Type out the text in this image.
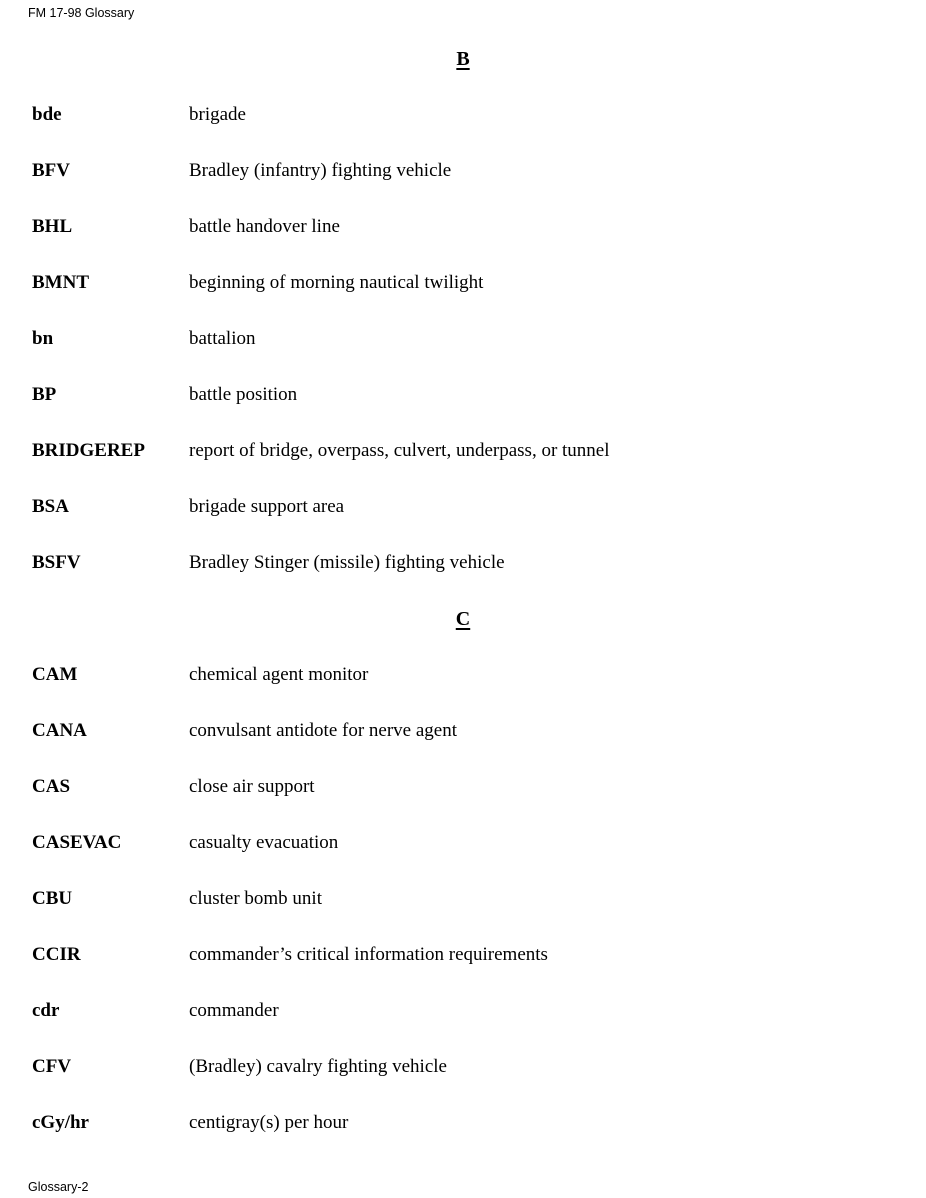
FM 17-98 Glossary
B
bde	brigade
BFV	Bradley (infantry) fighting vehicle
BHL	battle handover line
BMNT	beginning of morning nautical twilight
bn	battalion
BP	battle position
BRIDGEREP report of bridge, overpass, culvert, underpass, or tunnel
BSA	brigade support area
BSFV	Bradley Stinger (missile) fighting vehicle
C
CAM	chemical agent monitor
CANA	convulsant antidote for nerve agent
CAS	close air support
CASEVAC	casualty evacuation
CBU	cluster bomb unit
CCIR	commander’s critical information requirements
cdr	commander
CFV	(Bradley) cavalry fighting vehicle
cGy/hr	centigray(s) per hour
Glossary-2
